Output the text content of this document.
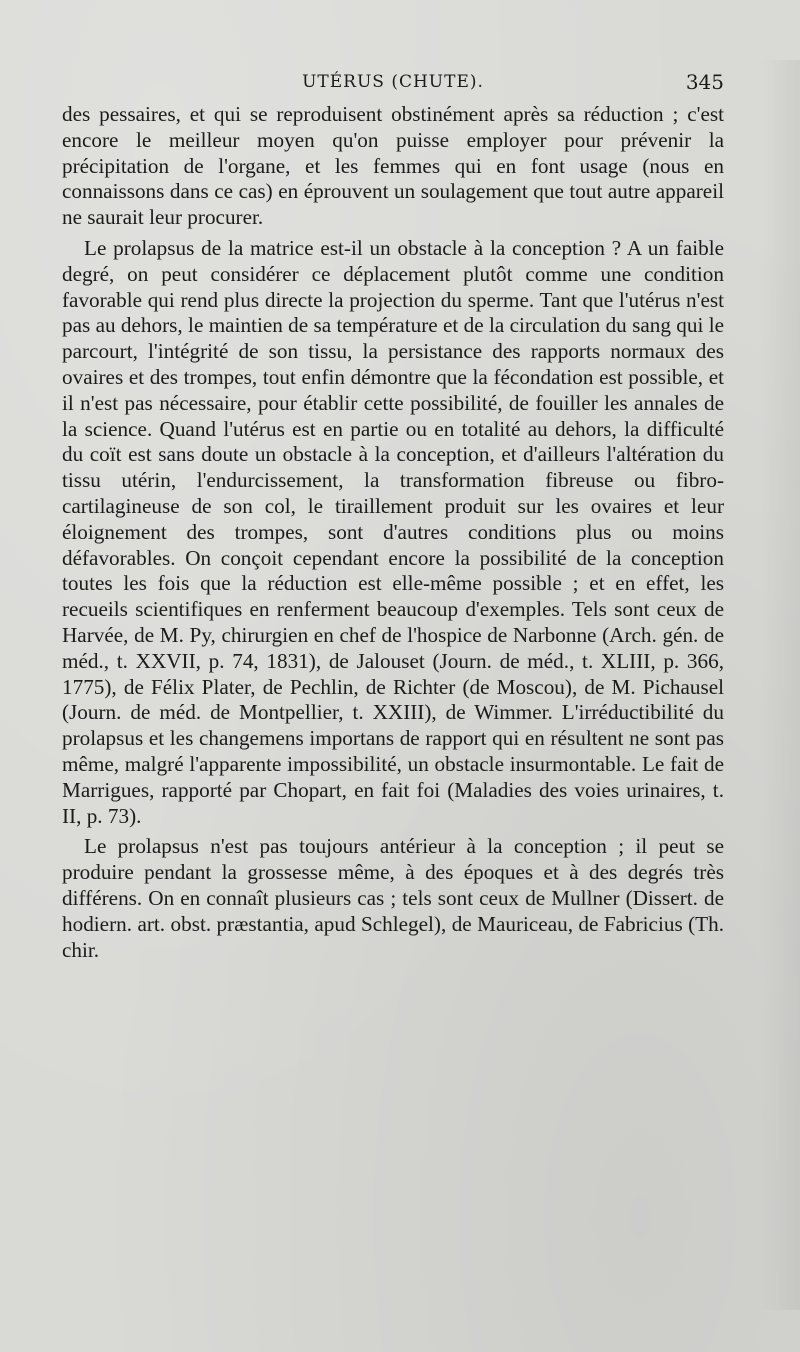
UTÉRUS (CHUTE).	345

des pessaires, et qui se reproduisent obstinément après sa réduction ; c'est encore le meilleur moyen qu'on puisse employer pour prévenir la précipitation de l'organe, et les femmes qui en font usage (nous en connaissons dans ce cas) en éprouvent un soulagement que tout autre appareil ne saurait leur procurer.

Le prolapsus de la matrice est-il un obstacle à la conception ? A un faible degré, on peut considérer ce déplacement plutôt comme une condition favorable qui rend plus directe la projection du sperme. Tant que l'utérus n'est pas au dehors, le maintien de sa température et de la circulation du sang qui le parcourt, l'intégrité de son tissu, la persistance des rapports normaux des ovaires et des trompes, tout enfin démontre que la fécondation est possible, et il n'est pas nécessaire, pour établir cette possibilité, de fouiller les annales de la science. Quand l'utérus est en partie ou en totalité au dehors, la difficulté du coït est sans doute un obstacle à la conception, et d'ailleurs l'altération du tissu utérin, l'endurcissement, la transformation fibreuse ou fibro-cartilagineuse de son col, le tiraillement produit sur les ovaires et leur éloignement des trompes, sont d'autres conditions plus ou moins défavorables. On conçoit cependant encore la possibilité de la conception toutes les fois que la réduction est elle-même possible ; et en effet, les recueils scientifiques en renferment beaucoup d'exemples. Tels sont ceux de Harvée, de M. Py, chirurgien en chef de l'hospice de Narbonne (Arch. gén. de méd., t. XXVII, p. 74, 1831), de Jalouset (Journ. de méd., t. XLIII, p. 366, 1775), de Félix Plater, de Pechlin, de Richter (de Moscou), de M. Pichausel (Journ. de méd. de Montpellier, t. XXIII), de Wimmer. L'irréductibilité du prolapsus et les changemens importans de rapport qui en résultent ne sont pas même, malgré l'apparente impossibilité, un obstacle insurmontable. Le fait de Marrigues, rapporté par Chopart, en fait foi (Maladies des voies urinaires, t. II, p. 73).

Le prolapsus n'est pas toujours antérieur à la conception ; il peut se produire pendant la grossesse même, à des époques et à des degrés très différens. On en connaît plusieurs cas ; tels sont ceux de Mullner (Dissert. de hodiern. art. obst. præstantia, apud Schlegel), de Mauriceau, de Fabricius (Th. chir.
